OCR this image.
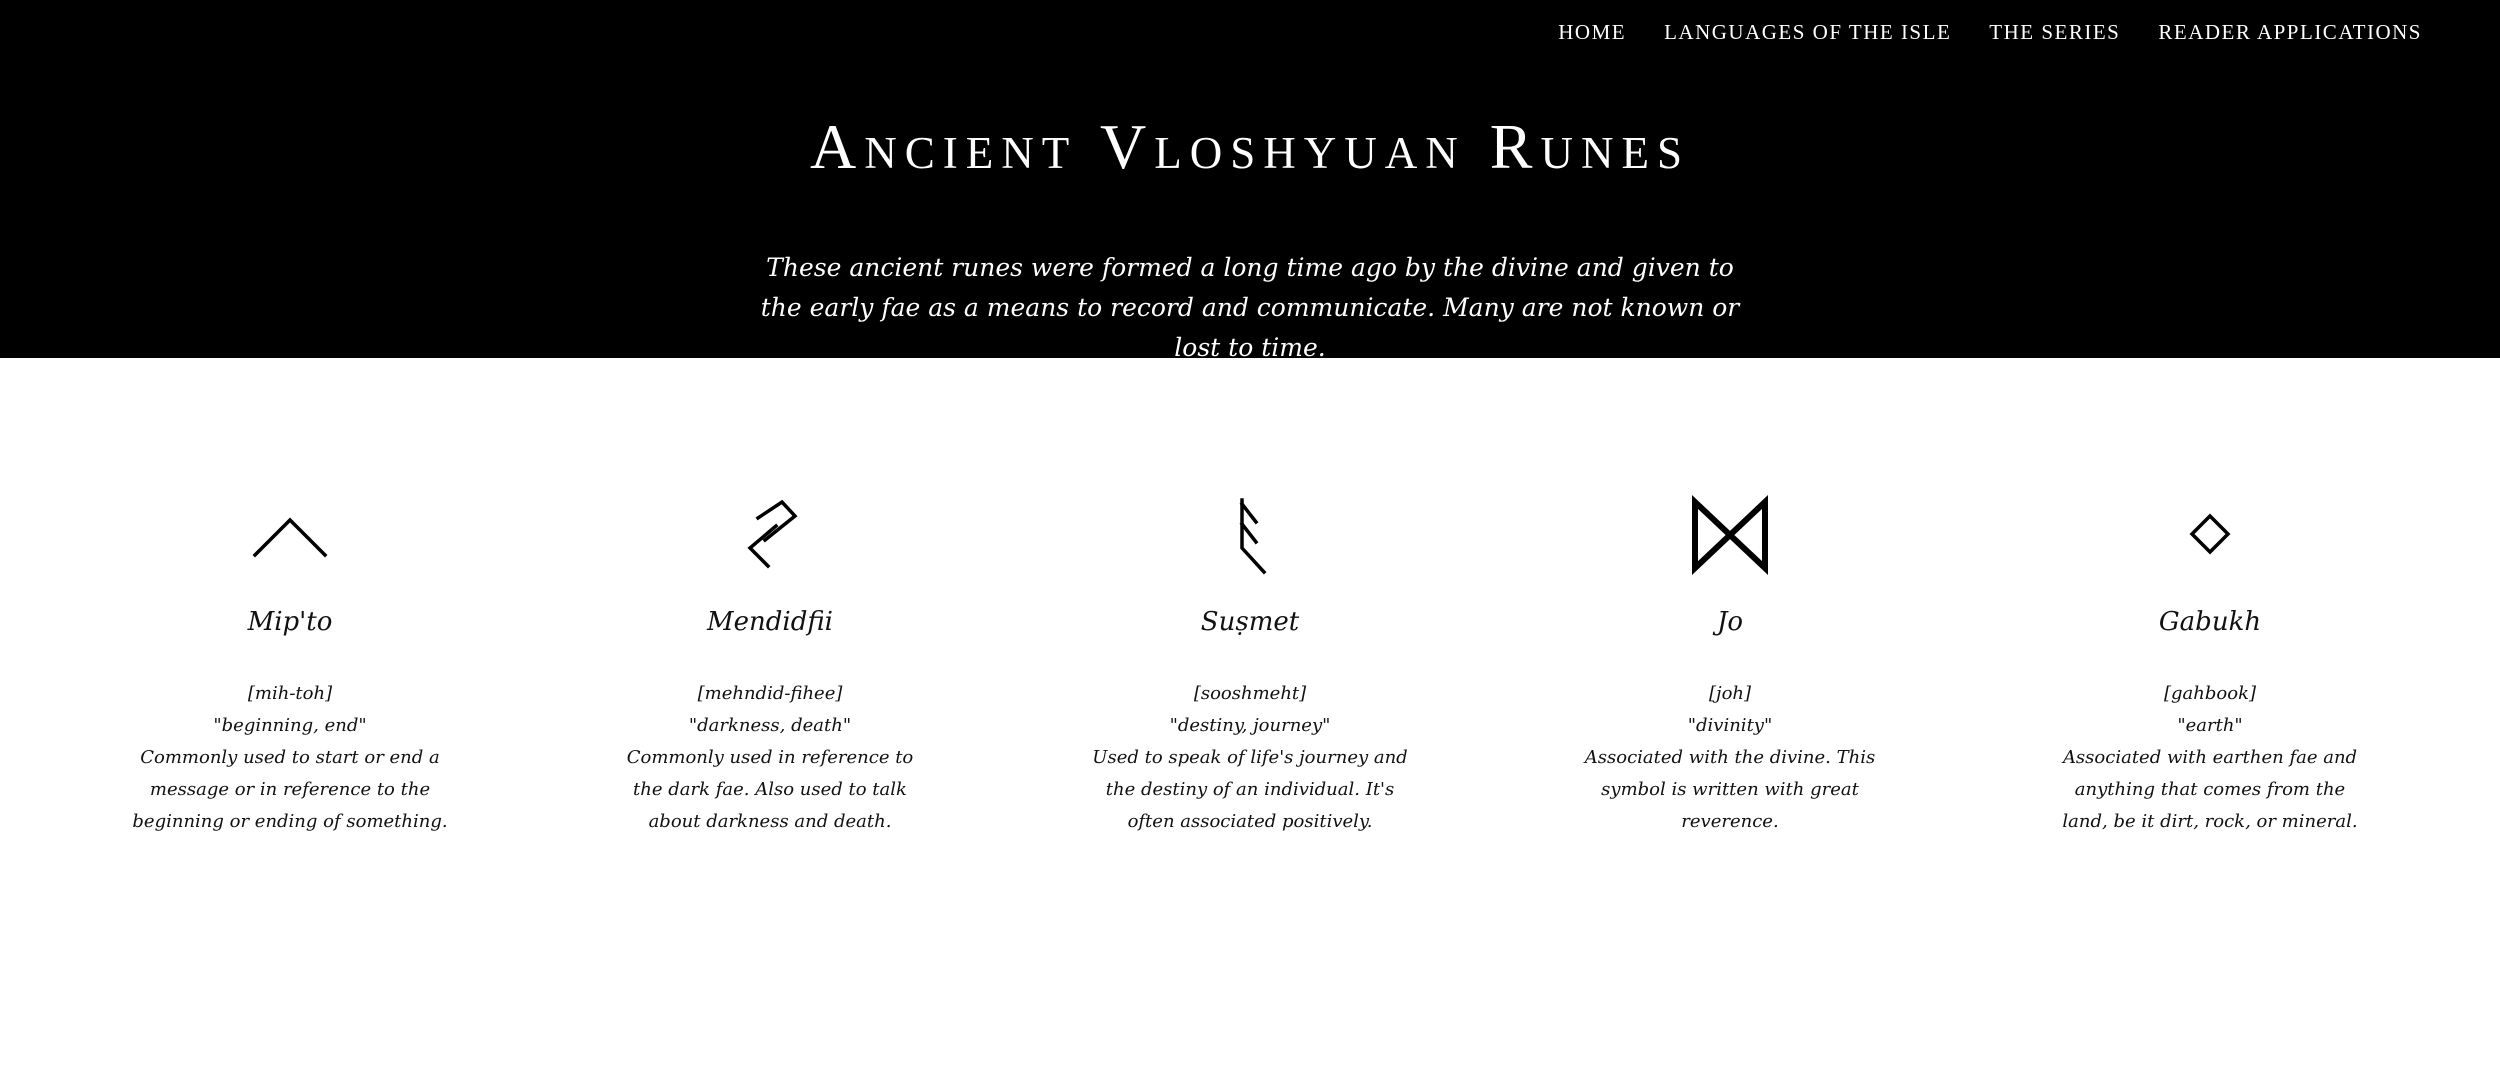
HOME LANGUAGES OF THE ISLE THE SERIES READER APPLICATIONS
Ancient Vloshyuan Runes

These ancient runes were formed a long time ago by the divine and given to the early fae as a means to record and communicate. Many are not known or lost to time.

Mip'to
[mih-toh]
"beginning, end"
Commonly used to start or end a message or in reference to the beginning or ending of something.
Mendidfii
[mehndid-fihee]
"darkness, death"
Commonly used in reference to the dark fae. Also used to talk about darkness and death.
Suṣmet
[sooshmeht]
"destiny, journey"
Used to speak of life's journey and the destiny of an individual. It's often associated positively.
Jo
[joh]
"divinity"
Associated with the divine. This symbol is written with great reverence.
Gabukh
[gahbook]
"earth"
Associated with earthen fae and anything that comes from the land, be it dirt, rock, or mineral.
